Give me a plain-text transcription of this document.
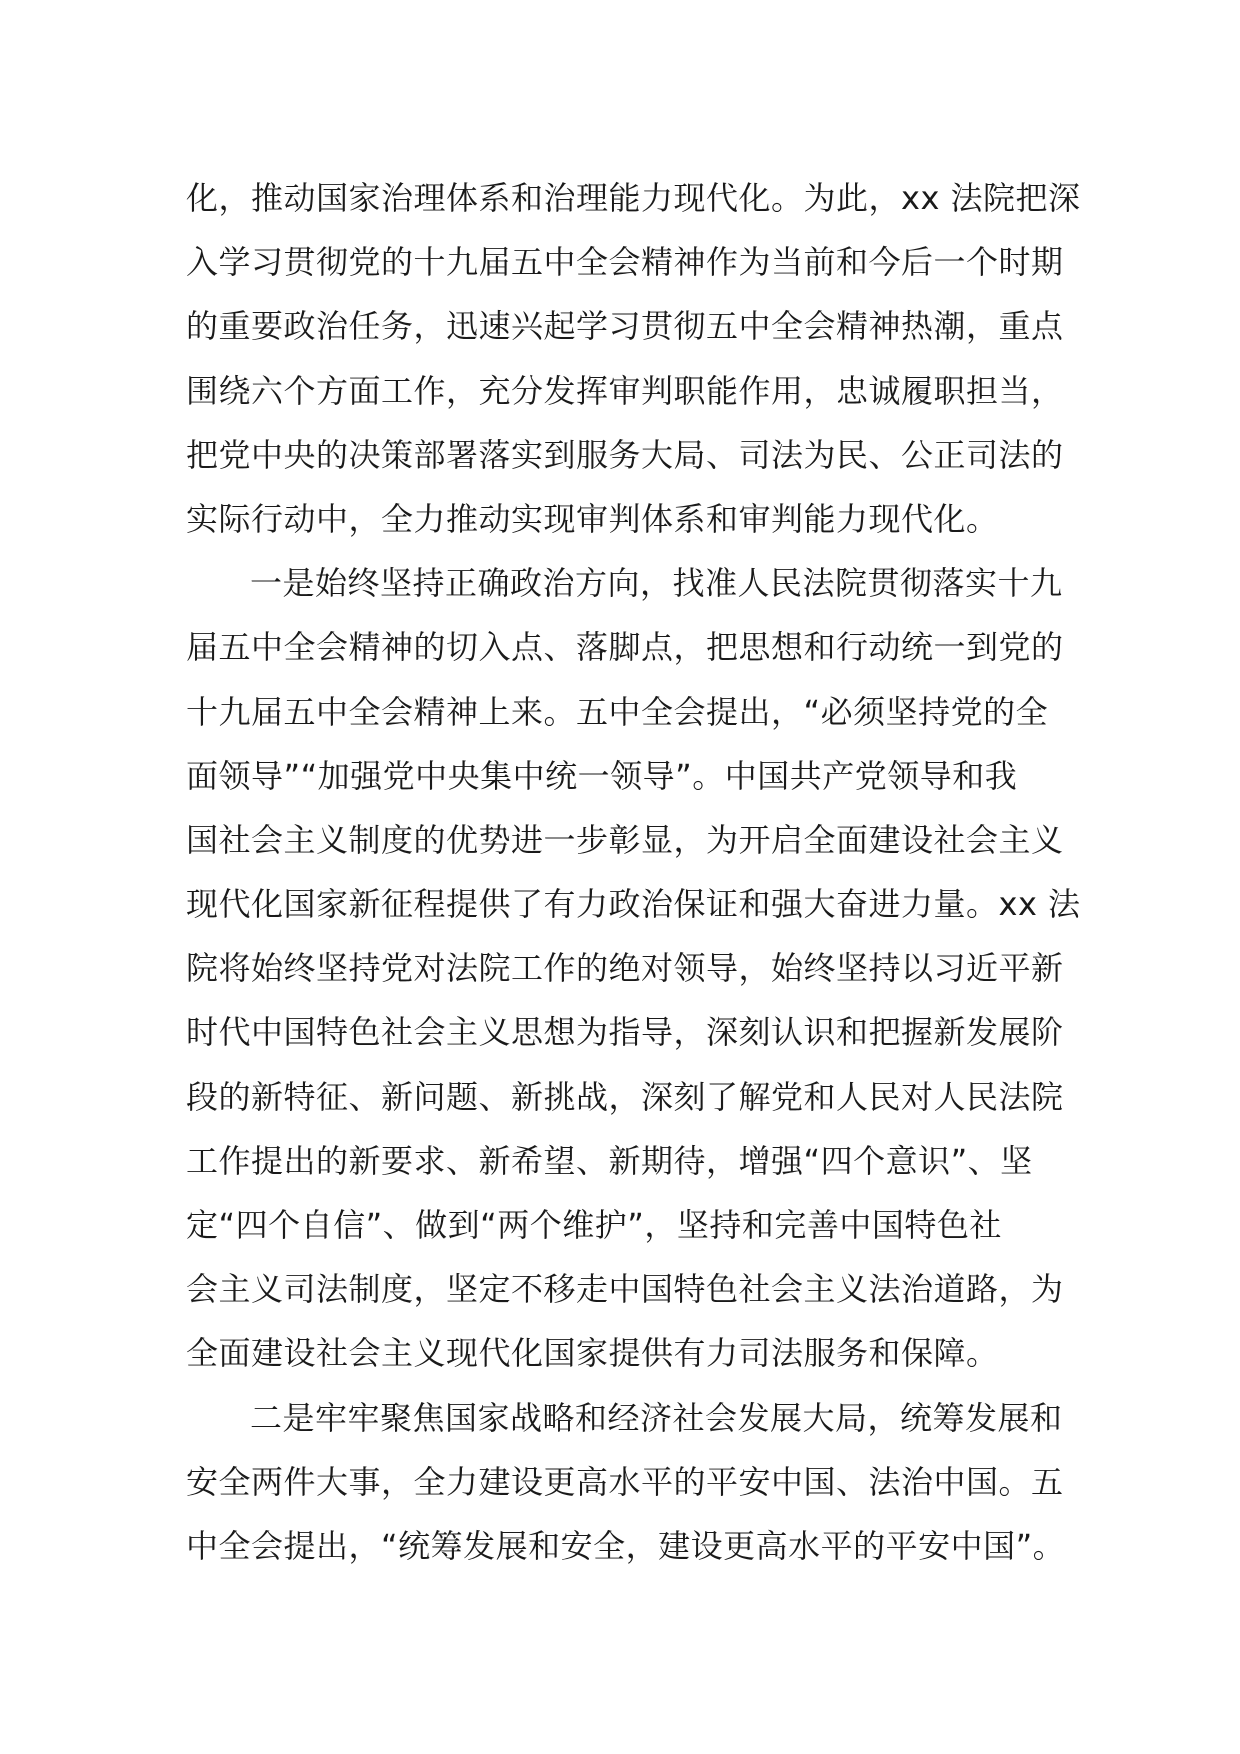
化，推动国家治理体系和治理能力现代化。为此，xx 法院把深
入学习贯彻党的十九届五中全会精神作为当前和今后一个时期
的重要政治任务，迅速兴起学习贯彻五中全会精神热潮，重点
围绕六个方面工作，充分发挥审判职能作用，忠诚履职担当，
把党中央的决策部署落实到服务大局、司法为民、公正司法的
实际行动中，全力推动实现审判体系和审判能力现代化。
一是始终坚持正确政治方向，找准人民法院贯彻落实十九
届五中全会精神的切入点、落脚点，把思想和行动统一到党的
十九届五中全会精神上来。五中全会提出，“必须坚持党的全
面领导”“加强党中央集中统一领导”。中国共产党领导和我
国社会主义制度的优势进一步彰显，为开启全面建设社会主义
现代化国家新征程提供了有力政治保证和强大奋进力量。xx 法
院将始终坚持党对法院工作的绝对领导，始终坚持以习近平新
时代中国特色社会主义思想为指导，深刻认识和把握新发展阶
段的新特征、新问题、新挑战，深刻了解党和人民对人民法院
工作提出的新要求、新希望、新期待，增强“四个意识”、坚
定“四个自信”、做到“两个维护”，坚持和完善中国特色社
会主义司法制度，坚定不移走中国特色社会主义法治道路，为
全面建设社会主义现代化国家提供有力司法服务和保障。
二是牢牢聚焦国家战略和经济社会发展大局，统筹发展和
安全两件大事，全力建设更高水平的平安中国、法治中国。五
中全会提出，“统筹发展和安全，建设更高水平的平安中国”。
